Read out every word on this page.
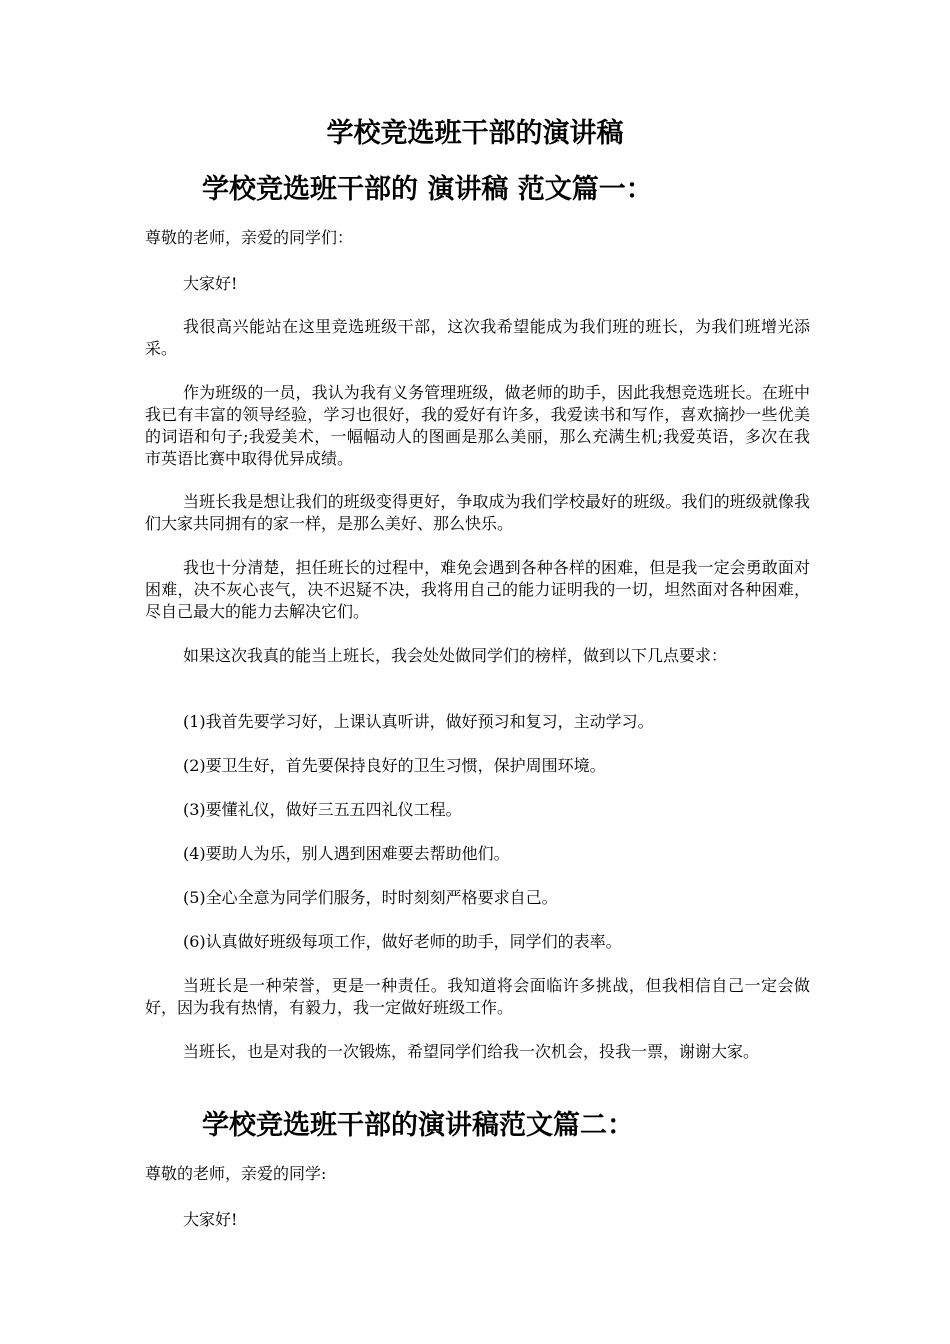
学校竞选班干部的演讲稿
学校竞选班干部的 演讲稿 范文篇一：

尊敬的老师，亲爱的同学们：

大家好!

我很高兴能站在这里竞选班级干部，这次我希望能成为我们班的班长，为我们班增光添采。

作为班级的一员，我认为我有义务管理班级，做老师的助手，因此我想竞选班长。在班中我已有丰富的领导经验，学习也很好，我的爱好有许多，我爱读书和写作，喜欢摘抄一些优美的词语和句子;我爱美术，一幅幅动人的图画是那么美丽，那么充满生机;我爱英语，多次在我市英语比赛中取得优异成绩。

当班长我是想让我们的班级变得更好，争取成为我们学校最好的班级。我们的班级就像我们大家共同拥有的家一样，是那么美好、那么快乐。

我也十分清楚，担任班长的过程中，难免会遇到各种各样的困难，但是我一定会勇敢面对困难，决不灰心丧气，决不迟疑不决，我将用自己的能力证明我的一切，坦然面对各种困难，尽自己最大的能力去解决它们。

如果这次我真的能当上班长，我会处处做同学们的榜样，做到以下几点要求：

(1)我首先要学习好，上课认真听讲，做好预习和复习，主动学习。

(2)要卫生好，首先要保持良好的卫生习惯，保护周围环境。

(3)要懂礼仪，做好三五五四礼仪工程。

(4)要助人为乐，别人遇到困难要去帮助他们。

(5)全心全意为同学们服务，时时刻刻严格要求自己。

(6)认真做好班级每项工作，做好老师的助手，同学们的表率。

当班长是一种荣誉，更是一种责任。我知道将会面临许多挑战，但我相信自己一定会做好，因为我有热情，有毅力，我一定做好班级工作。

当班长，也是对我的一次锻炼，希望同学们给我一次机会，投我一票，谢谢大家。

学校竞选班干部的演讲稿范文篇二：

尊敬的老师，亲爱的同学:

大家好!
